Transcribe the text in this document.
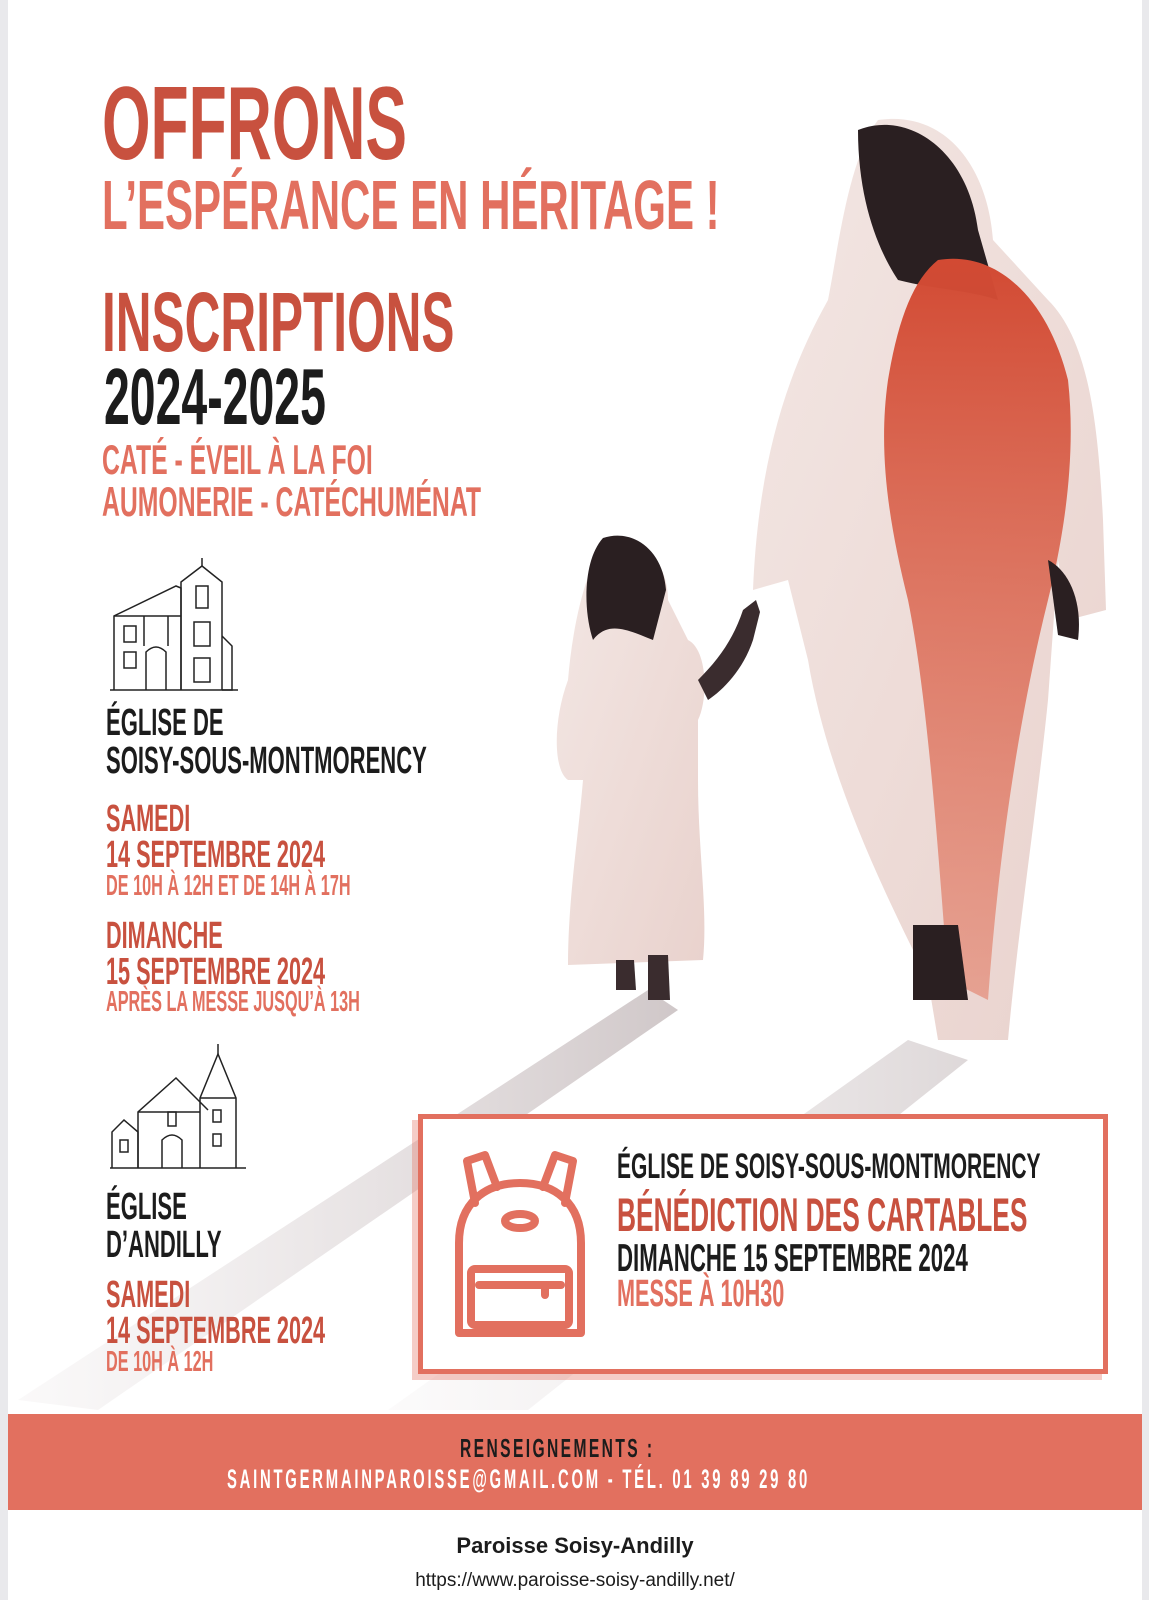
OFFRONS
L’ESPÉRANCE EN HÉRITAGE !
INSCRIPTIONS
2024-2025
CATÉ - ÉVEIL À LA FOI
AUMONERIE - CATÉCHUMÉNAT
ÉGLISE DE
SOISY-SOUS-MONTMORENCY
SAMEDI
14 SEPTEMBRE 2024
DE 10H À 12H ET DE 14H À 17H
DIMANCHE
15 SEPTEMBRE 2024
APRÈS LA MESSE JUSQU’À 13H
ÉGLISE
D’ANDILLY
SAMEDI
14 SEPTEMBRE 2024
DE 10H À 12H
ÉGLISE DE SOISY-SOUS-MONTMORENCY
BÉNÉDICTION DES CARTABLES
DIMANCHE 15 SEPTEMBRE 2024
MESSE À 10H30
RENSEIGNEMENTS :
SAINTGERMAINPAROISSE@GMAIL.COM - TÉL. 01 39 89 29 80
Paroisse Soisy-Andilly
https://www.paroisse-soisy-andilly.net/
